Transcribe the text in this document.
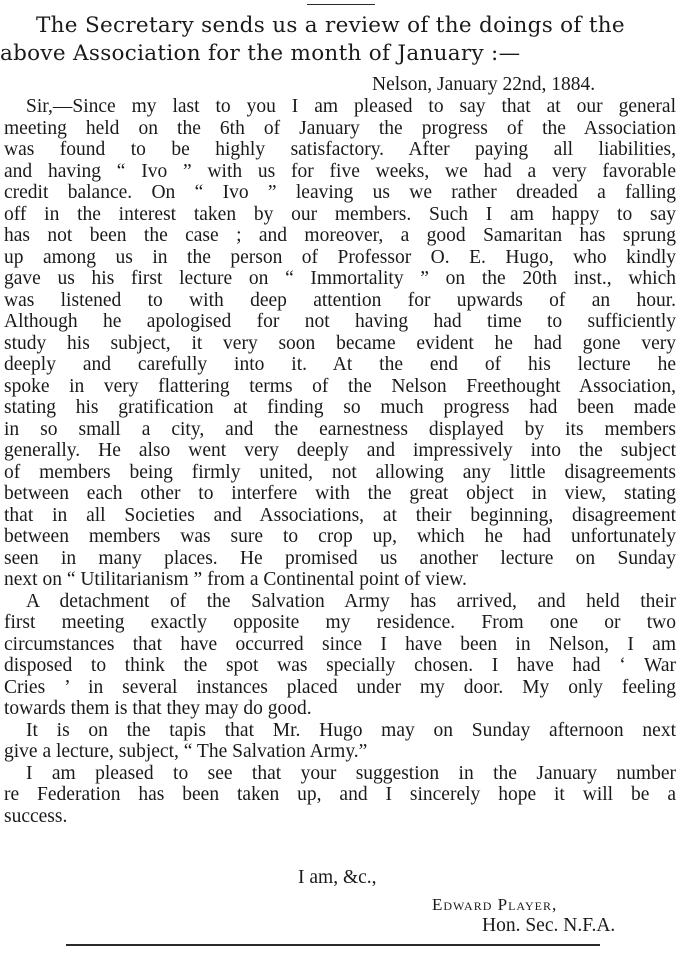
The Secretary sends us a review of the doings of the
above Association for the month of January :—
Nelson, January 22nd, 1884.
Sir,—Since my last to you I am pleased to say that at our general
meeting held on the 6th of January the progress of the Association
was found to be highly satisfactory. After paying all liabilities,
and having “ Ivo ” with us for five weeks, we had a very favorable
credit balance. On “ Ivo ” leaving us we rather dreaded a falling
off in the interest taken by our members. Such I am happy to say
has not been the case ; and moreover, a good Samaritan has sprung
up among us in the person of Professor O. E. Hugo, who kindly
gave us his first lecture on “ Immortality ” on the 20th inst., which
was listened to with deep attention for upwards of an hour.
Although he apologised for not having had time to sufficiently
study his subject, it very soon became evident he had gone very
deeply and carefully into it. At the end of his lecture he
spoke in very flattering terms of the Nelson Freethought Association,
stating his gratification at finding so much progress had been made
in so small a city, and the earnestness displayed by its members
generally. He also went very deeply and impressively into the subject
of members being firmly united, not allowing any little disagreements
between each other to interfere with the great object in view, stating
that in all Societies and Associations, at their beginning, disagreement
between members was sure to crop up, which he had unfortunately
seen in many places. He promised us another lecture on Sunday
next on “ Utilitarianism ” from a Continental point of view.
A detachment of the Salvation Army has arrived, and held their
first meeting exactly opposite my residence. From one or two
circumstances that have occurred since I have been in Nelson, I am
disposed to think the spot was specially chosen. I have had ‘ War
Cries ’ in several instances placed under my door. My only feeling
towards them is that they may do good.
It is on the tapis that Mr. Hugo may on Sunday afternoon next
give a lecture, subject, “ The Salvation Army.”
I am pleased to see that your suggestion in the January number
re Federation has been taken up, and I sincerely hope it will be a
success.
I am, &c.,
Edward Player,
Hon. Sec. N.F.A.
